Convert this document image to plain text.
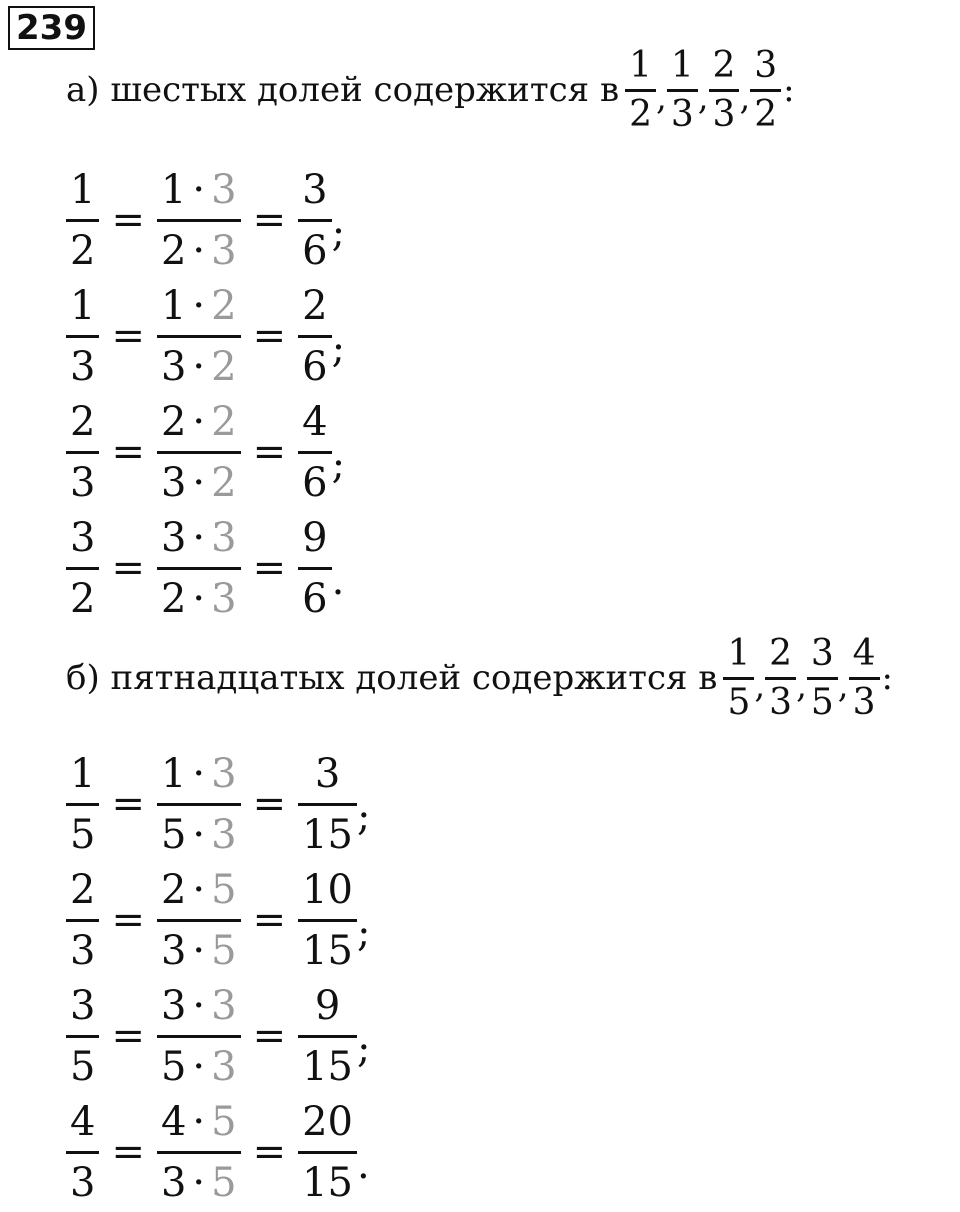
239
а) шестых долей содержится в $\frac{1}{2}$ , $\frac{1}{3}$ , $\frac{2}{3}$ , $\frac{3}{2}$ :
$\frac{1}{2} = \frac{1 \cdot 3}{2 \cdot 3} = \frac{3}{6}$ ;
$\frac{1}{3} = \frac{1 \cdot 2}{3 \cdot 2} = \frac{2}{6}$ ;
$\frac{2}{3} = \frac{2 \cdot 2}{3 \cdot 2} = \frac{4}{6}$ ;
$\frac{3}{2} = \frac{3 \cdot 3}{2 \cdot 3} = \frac{9}{6}$ .
б) пятнадцатых долей содержится в $\frac{1}{5}$ , $\frac{2}{3}$ , $\frac{3}{5}$ , $\frac{4}{3}$ :
$\frac{1}{5} = \frac{1 \cdot 3}{5 \cdot 3} = \frac{3}{15}$ ;
$\frac{2}{3} = \frac{2 \cdot 5}{3 \cdot 5} = \frac{10}{15}$ ;
$\frac{3}{5} = \frac{3 \cdot 3}{5 \cdot 3} = \frac{9}{15}$ ;
$\frac{4}{3} = \frac{4 \cdot 5}{3 \cdot 5} = \frac{20}{15}$ .
